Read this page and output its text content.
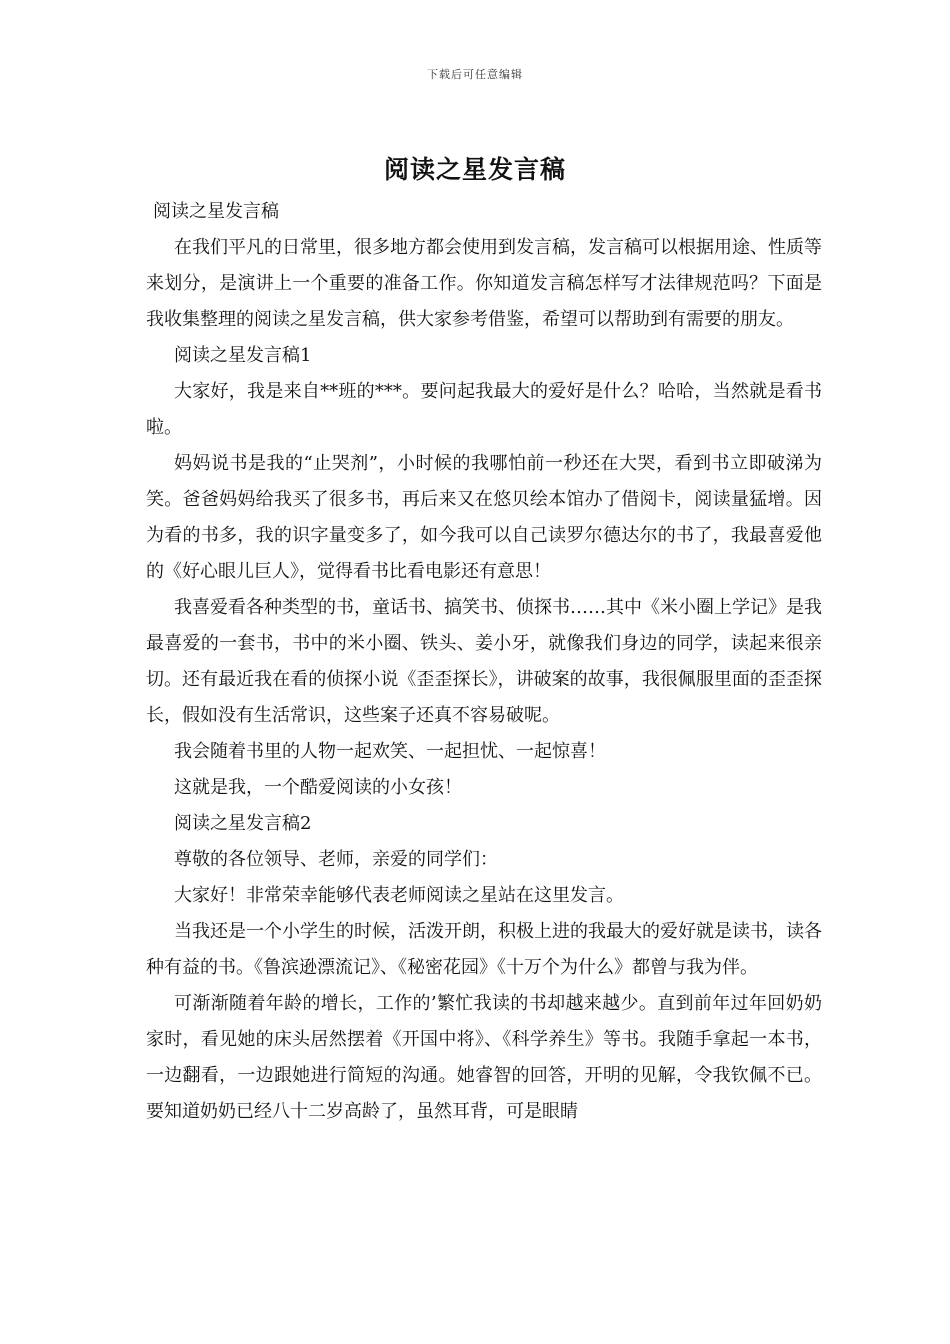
下载后可任意编辑
阅读之星发言稿

阅读之星发言稿

在我们平凡的日常里，很多地方都会使用到发言稿，发言稿可以根据用途、性质等来划分，是演讲上一个重要的准备工作。你知道发言稿怎样写才法律规范吗？下面是我收集整理的阅读之星发言稿，供大家参考借鉴，希望可以帮助到有需要的朋友。

阅读之星发言稿1

大家好，我是来自**班的***。要问起我最大的爱好是什么？哈哈，当然就是看书啦。

妈妈说书是我的“止哭剂”，小时候的我哪怕前一秒还在大哭，看到书立即破涕为笑。爸爸妈妈给我买了很多书，再后来又在悠贝绘本馆办了借阅卡，阅读量猛增。因为看的书多，我的识字量变多了，如今我可以自己读罗尔德达尔的书了，我最喜爱他的《好心眼儿巨人》，觉得看书比看电影还有意思！

我喜爱看各种类型的书，童话书、搞笑书、侦探书……其中《米小圈上学记》是我最喜爱的一套书，书中的米小圈、铁头、姜小牙，就像我们身边的同学，读起来很亲切。还有最近我在看的侦探小说《歪歪探长》，讲破案的故事，我很佩服里面的歪歪探长，假如没有生活常识，这些案子还真不容易破呢。

我会随着书里的人物一起欢笑、一起担忧、一起惊喜！

这就是我，一个酷爱阅读的小女孩！

阅读之星发言稿2

尊敬的各位领导、老师，亲爱的同学们：

大家好！非常荣幸能够代表老师阅读之星站在这里发言。

当我还是一个小学生的时候，活泼开朗，积极上进的我最大的爱好就是读书，读各种有益的书。《鲁滨逊漂流记》、《秘密花园》《十万个为什么》都曾与我为伴。

可渐渐随着年龄的增长，工作的’繁忙我读的书却越来越少。直到前年过年回奶奶家时，看见她的床头居然摆着《开国中将》、《科学养生》等书。我随手拿起一本书，一边翻看，一边跟她进行简短的沟通。她睿智的回答，开明的见解，令我钦佩不已。要知道奶奶已经八十二岁高龄了，虽然耳背，可是眼睛
